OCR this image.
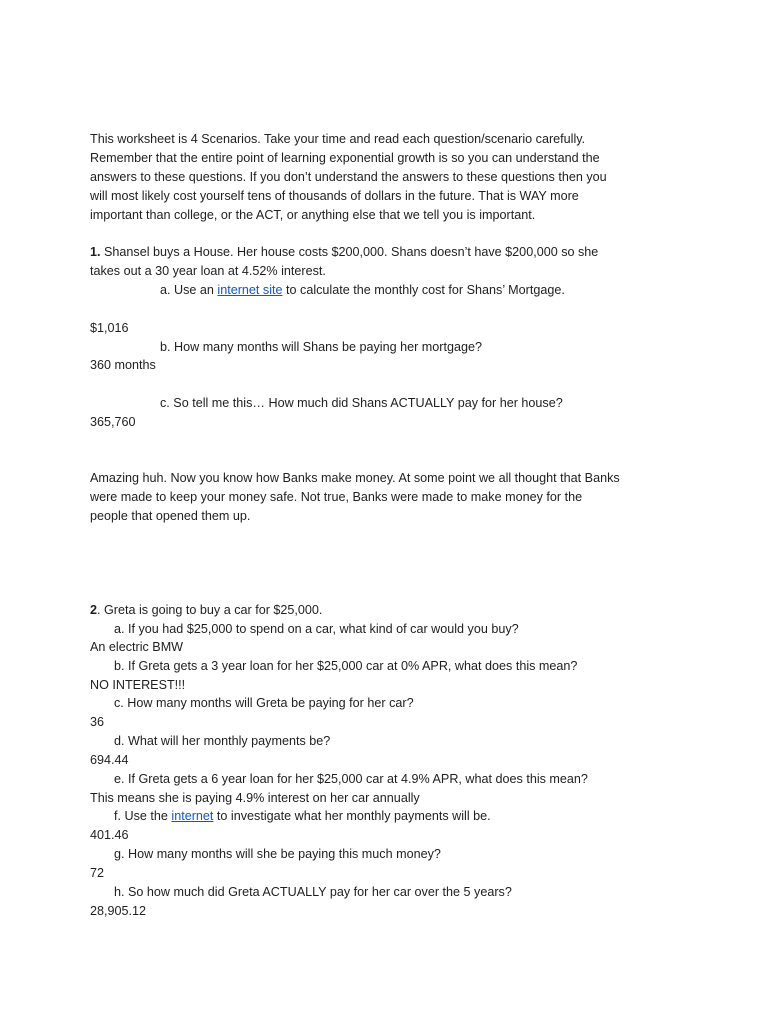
This worksheet is 4 Scenarios. Take your time and read each question/scenario carefully.
Remember that the entire point of learning exponential growth is so you can understand the
answers to these questions. If you don’t understand the answers to these questions then you
will most likely cost yourself tens of thousands of dollars in the future. That is WAY more
important than college, or the ACT, or anything else that we tell you is important.
1. Shansel buys a House. Her house costs $200,000. Shans doesn’t have $200,000 so she
takes out a 30 year loan at 4.52% interest.
a. Use an internet site to calculate the monthly cost for Shans’ Mortgage.
$1,016
b. How many months will Shans be paying her mortgage?
360 months
c. So tell me this… How much did Shans ACTUALLY pay for her house?
365,760
Amazing huh. Now you know how Banks make money. At some point we all thought that Banks
were made to keep your money safe. Not true, Banks were made to make money for the
people that opened them up.
2. Greta is going to buy a car for $25,000.
a. If you had $25,000 to spend on a car, what kind of car would you buy?
An electric BMW
b. If Greta gets a 3 year loan for her $25,000 car at 0% APR, what does this mean?
NO INTEREST!!!
c. How many months will Greta be paying for her car?
36
d. What will her monthly payments be?
694.44
e. If Greta gets a 6 year loan for her $25,000 car at 4.9% APR, what does this mean?
This means she is paying 4.9% interest on her car annually
f. Use the internet to investigate what her monthly payments will be.
401.46
g. How many months will she be paying this much money?
72
h. So how much did Greta ACTUALLY pay for her car over the 5 years?
28,905.12
